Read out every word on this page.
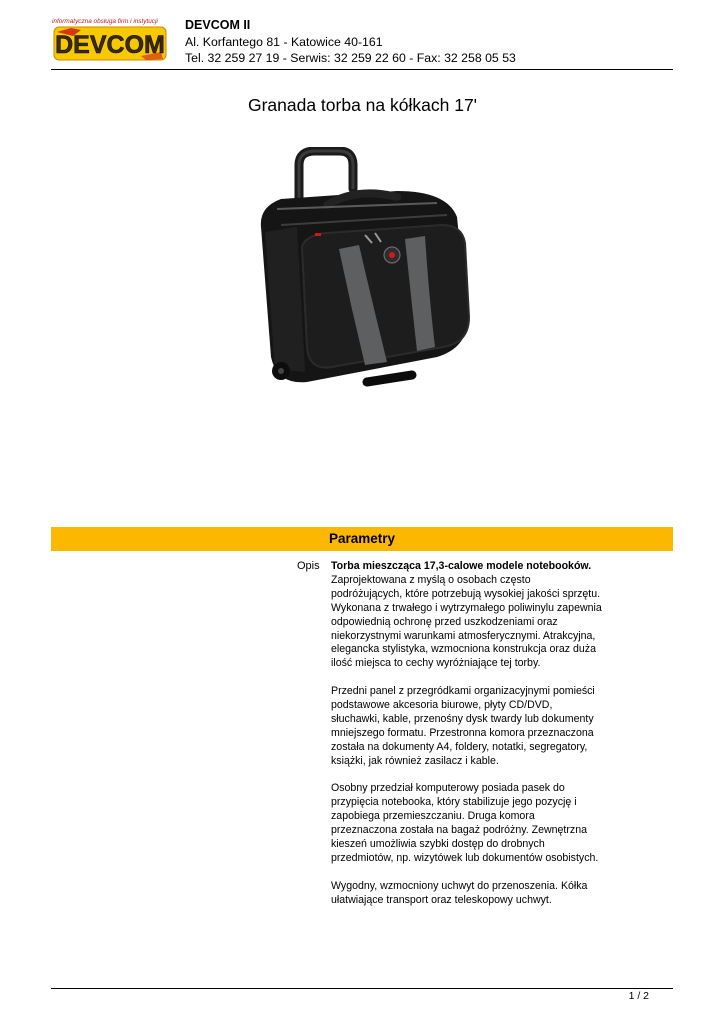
informatyczna obsługa firm i instytucji
DEVCOM
DEVCOM II
Al. Korfantego 81 - Katowice 40-161
Tel. 32 259 27 19 - Serwis: 32 259 22 60 - Fax: 32 258 05 53
Granada torba na kółkach 17'
Parametry
Opis Torba mieszcząca 17,3-calowe modele notebooków. Zaprojektowana z myślą o osobach często podróżujących, które potrzebują wysokiej jakości sprzętu. Wykonana z trwałego i wytrzymałego poliwinylu zapewnia odpowiednią ochronę przed uszkodzeniami oraz niekorzystnymi warunkami atmosferycznymi. Atrakcyjna, elegancka stylistyka, wzmocniona konstrukcja oraz duża ilość miejsca to cechy wyróżniające tej torby.

Przedni panel z przegródkami organizacyjnymi pomieści podstawowe akcesoria biurowe, płyty CD/DVD, słuchawki, kable, przenośny dysk twardy lub dokumenty mniejszego formatu. Przestronna komora przeznaczona została na dokumenty A4, foldery, notatki, segregatory, książki, jak również zasilacz i kable.

Osobny przedział komputerowy posiada pasek do przypięcia notebooka, który stabilizuje jego pozycję i zapobiega przemieszczaniu. Druga komora przeznaczona została na bagaż podróżny. Zewnętrzna kieszeń umożliwia szybki dostęp do drobnych przedmiotów, np. wizytówek lub dokumentów osobistych.

Wygodny, wzmocniony uchwyt do przenoszenia. Kółka ułatwiające transport oraz teleskopowy uchwyt.

1 / 2
